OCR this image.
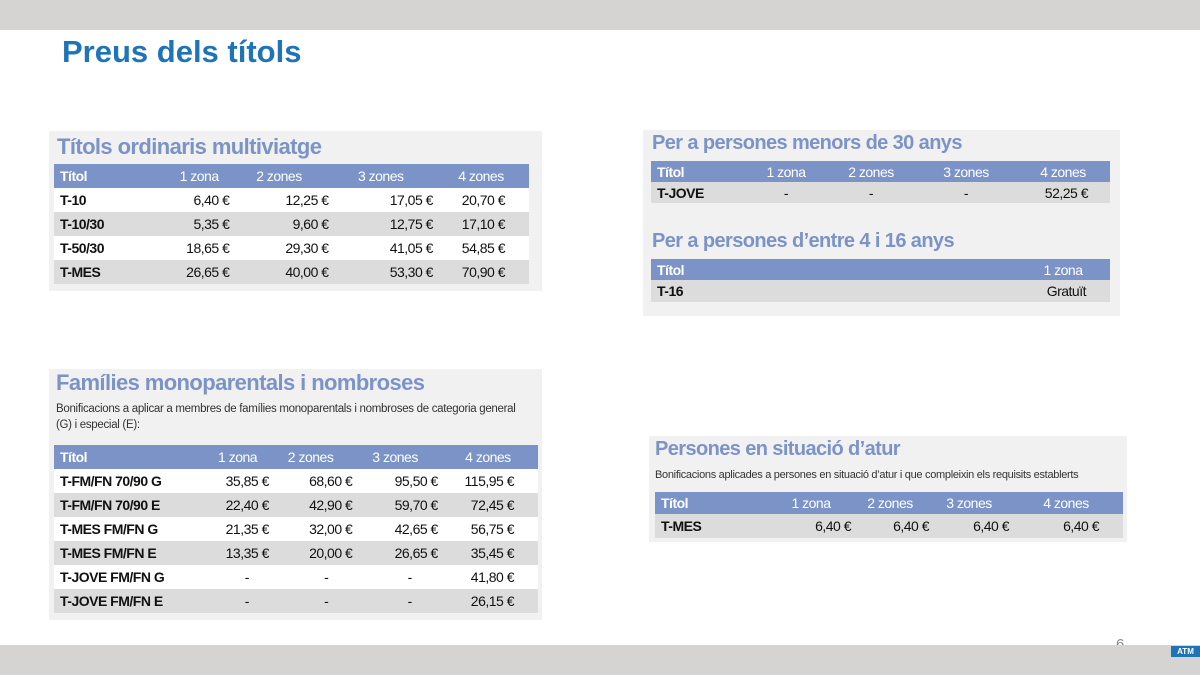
Preus dels títols
Títols ordinaris multiviatge
Títol	1 zona	2 zones	3 zones	4 zones
T-10	6,40 €	12,25 €	17,05 €	20,70 €
T-10/30	5,35 €	9,60 €	12,75 €	17,10 €
T-50/30	18,65 €	29,30 €	41,05 €	54,85 €
T-MES	26,65 €	40,00 €	53,30 €	70,90 €
Per a persones menors de 30 anys
Títol	1 zona	2 zones	3 zones	4 zones
T-JOVE	-	-	-	52,25 €
Per a persones d’entre 4 i 16 anys
Títol	1 zona
T-16	Gratuït
Famílies monoparentals i nombroses

Bonificacions a aplicar a membres de famílies monoparentals i nombroses de categoria general (G) i especial (E):

Títol	1 zona	2 zones	3 zones	4 zones
T-FM/FN 70/90 G	35,85 €	68,60 €	95,50 €	115,95 €
T-FM/FN 70/90 E	22,40 €	42,90 €	59,70 €	72,45 €
T-MES FM/FN G	21,35 €	32,00 €	42,65 €	56,75 €
T-MES FM/FN E	13,35 €	20,00 €	26,65 €	35,45 €
T-JOVE FM/FN G	-	-	-	41,80 €
T-JOVE FM/FN E	-	-	-	26,15 €
Persones en situació d’atur

Bonificacions aplicades a persones en situació d’atur i que compleixin els requisits establerts

Títol	1 zona	2 zones	3 zones	4 zones
T-MES	6,40 €	6,40 €	6,40 €	6,40 €
ATM
